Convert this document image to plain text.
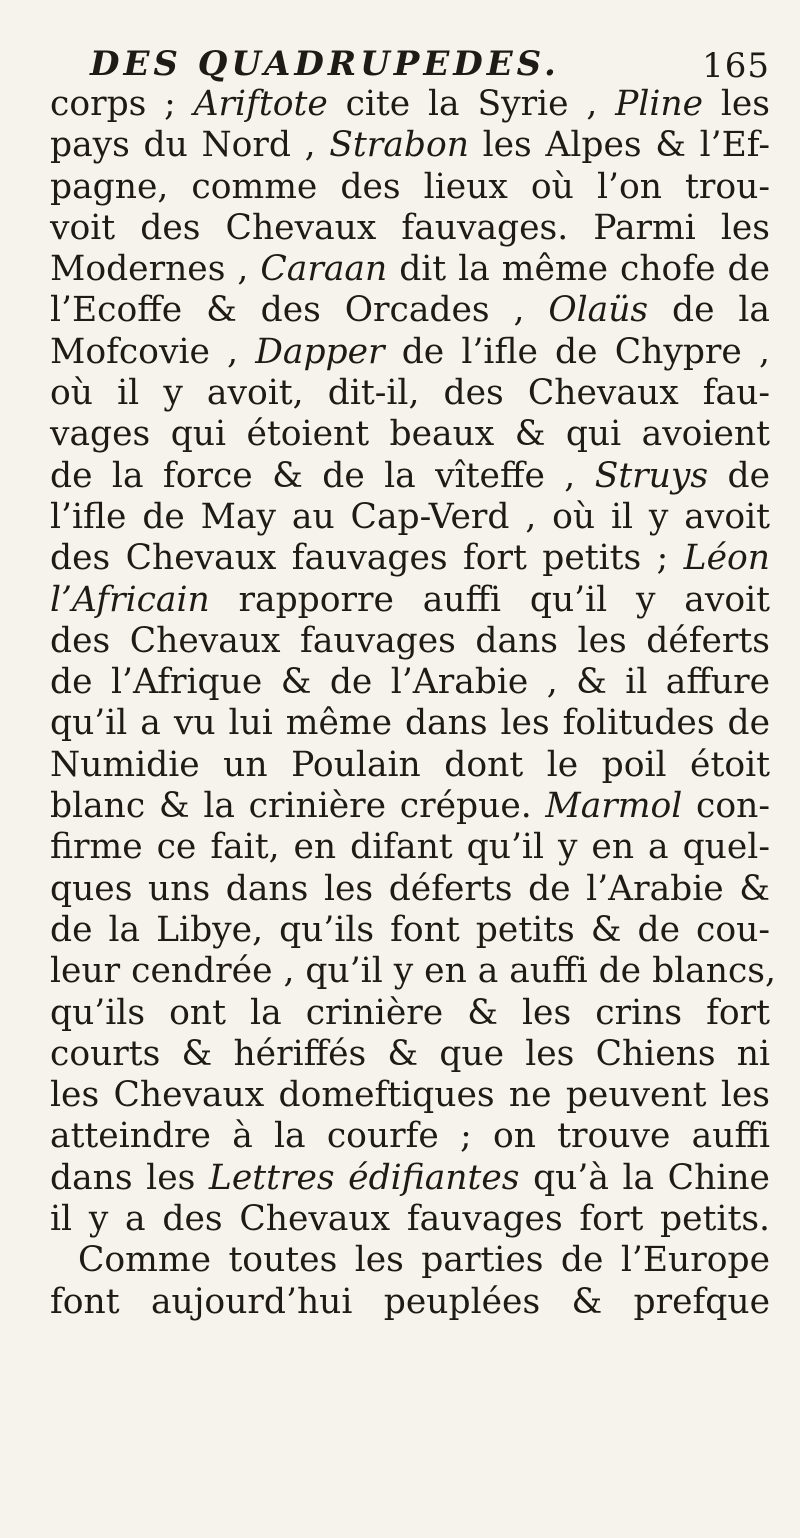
DES QUADRUPEDES.	165
corps ; Ariftote cite la Syrie , Pline les
pays du Nord , Strabon les Alpes & l’Ef-
pagne, comme des lieux où l’on trou-
voit des Chevaux fauvages. Parmi les
Modernes , Caraan dit la même chofe de
l’Ecoffe & des Orcades , Olaüs de la
Mofcovie , Dapper de l’ifle de Chypre ,
où il y avoit, dit-il, des Chevaux fau-
vages qui étoient beaux & qui avoient
de la force & de la vîteffe , Struys de
l’ifle de May au Cap-Verd , où il y avoit
des Chevaux fauvages fort petits ; Léon
l’Africain rapporre auffi qu’il y avoit
des Chevaux fauvages dans les déferts
de l’Afrique & de l’Arabie , & il affure
qu’il a vu lui même dans les folitudes de
Numidie un Poulain dont le poil étoit
blanc & la crinière crépue. Marmol con-
firme ce fait, en difant qu’il y en a quel-
ques uns dans les déferts de l’Arabie &
de la Libye, qu’ils font petits & de cou-
leur cendrée , qu’il y en a auffi de blancs,
qu’ils ont la crinière & les crins fort
courts & hériffés & que les Chiens ni
les Chevaux domeftiques ne peuvent les
atteindre à la courfe ; on trouve auffi
dans les Lettres édifiantes qu’à la Chine
il y a des Chevaux fauvages fort petits.
Comme toutes les parties de l’Europe
font aujourd’hui peuplées & prefque
